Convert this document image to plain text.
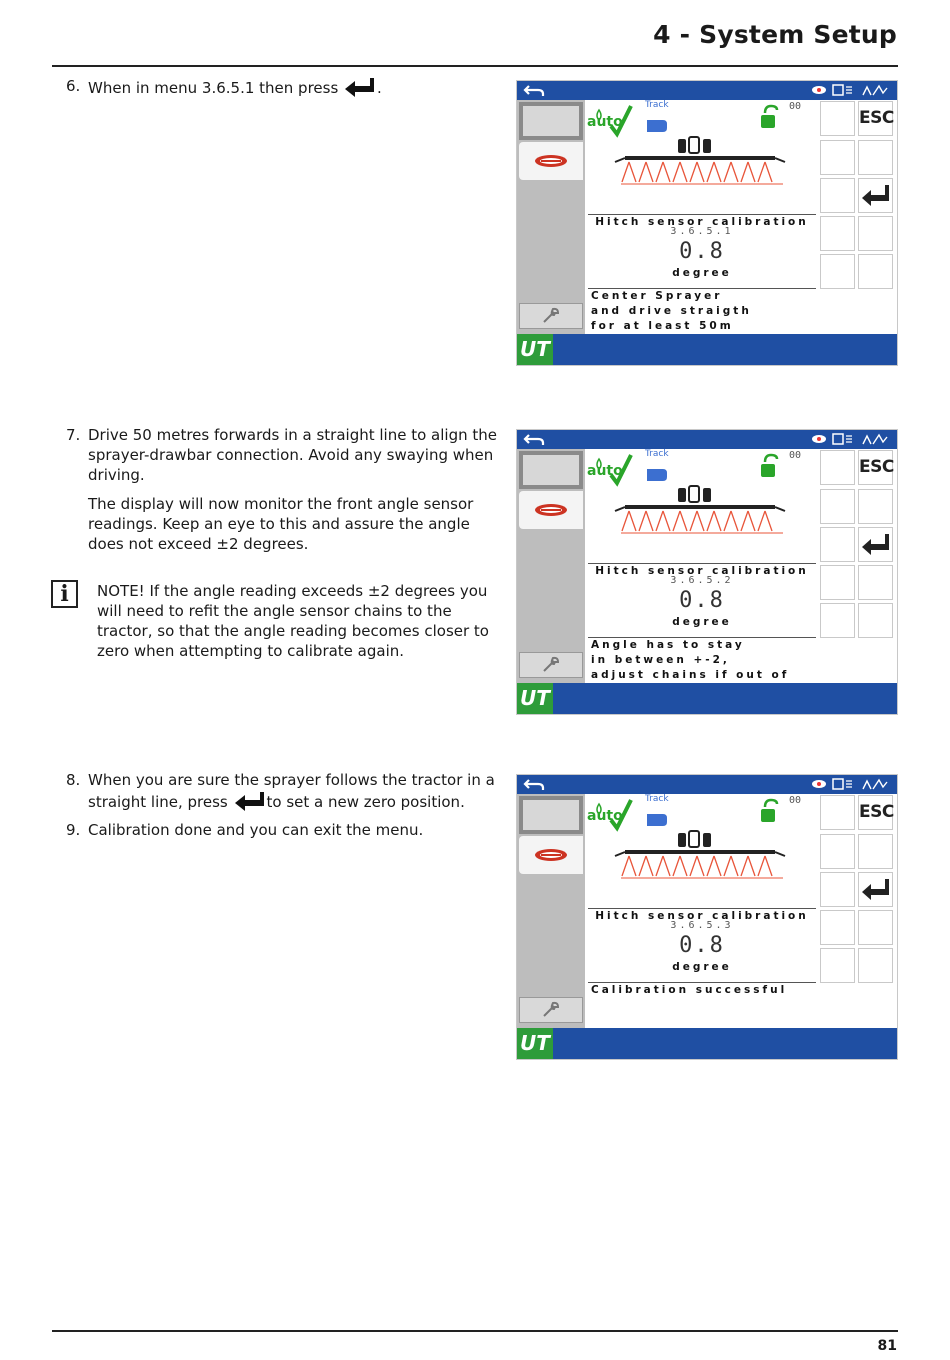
4 - System Setup
6. When in menu 3.6.5.1 then press	.
7. Drive 50 metres forwards in a straight line to align the sprayer-drawbar connection. Avoid any swaying when driving.

The display will now monitor the front angle sensor readings. Keep an eye to this and assure the angle does not exceed ±2 degrees.

i	NOTE! If the angle reading exceeds ±2 degrees you will need to refit the angle sensor chains to the tractor, so that the angle reading becomes closer to zero when attempting to calibrate again.
8. When you are sure the sprayer follows the tractor in a straight line, press	to set a new zero position.
9. Calibration done and you can exit the menu.
auto
Track	00
Hitch sensor calibration
3.6.5.1
0.8
degree
Center Sprayer
and drive straigth
for at least 50m
ESC
UT
auto
Track	00
Hitch sensor calibration
3.6.5.2
0.8
degree
Angle has to stay
in between +-2,
adjust chains if out of
ESC
UT
auto
Track	00
Hitch sensor calibration
3.6.5.3
0.8
degree
Calibration successful
ESC
UT
81
